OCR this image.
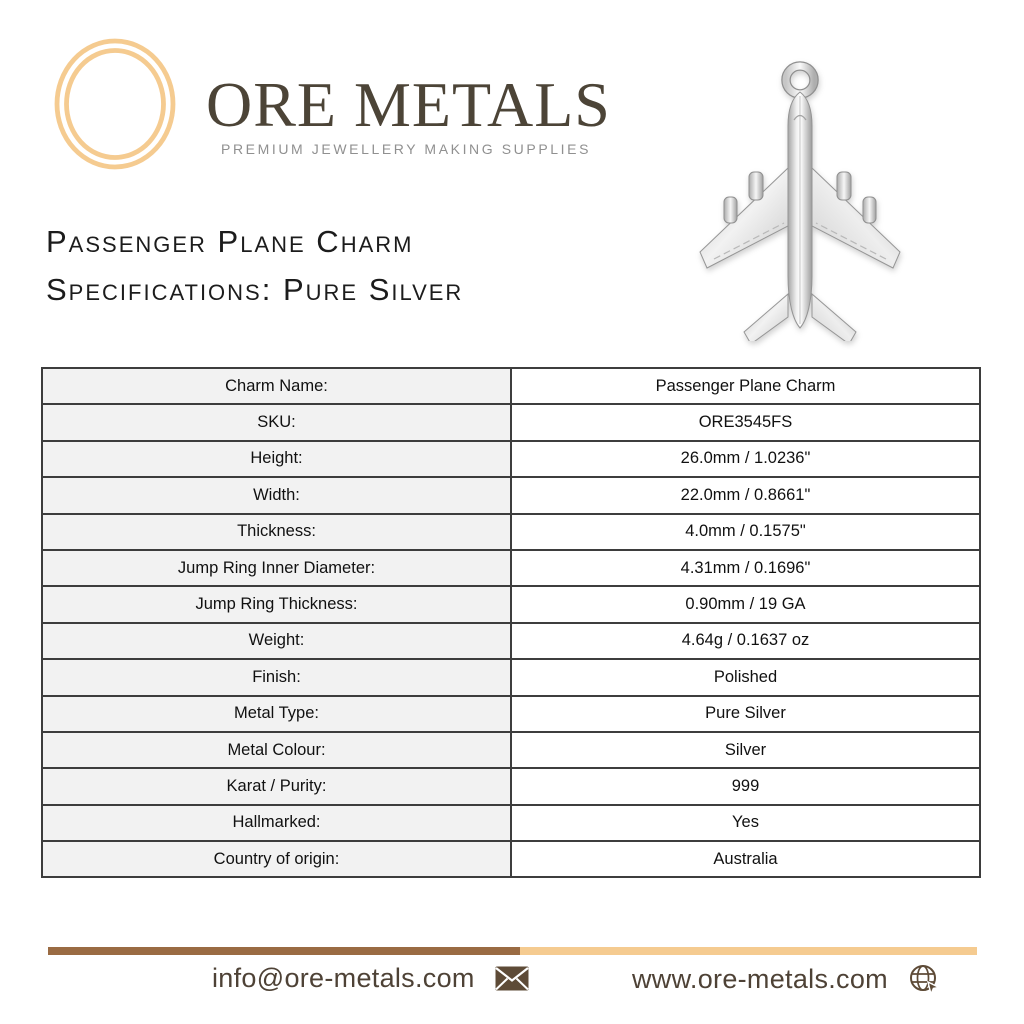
ORE METALS
PREMIUM JEWELLERY MAKING SUPPLIES
Passenger Plane Charm
Specifications: Pure Silver
Charm Name:	Passenger Plane Charm
SKU:	ORE3545FS
Height:	26.0mm / 1.0236"
Width:	22.0mm / 0.8661"
Thickness:	4.0mm / 0.1575"
Jump Ring Inner Diameter:	4.31mm / 0.1696"
Jump Ring Thickness:	0.90mm / 19 GA
Weight:	4.64g / 0.1637 oz
Finish:	Polished
Metal Type:	Pure Silver
Metal Colour:	Silver
Karat / Purity:	999
Hallmarked:	Yes
Country of origin:	Australia
info@ore-metals.com	www.ore-metals.com
